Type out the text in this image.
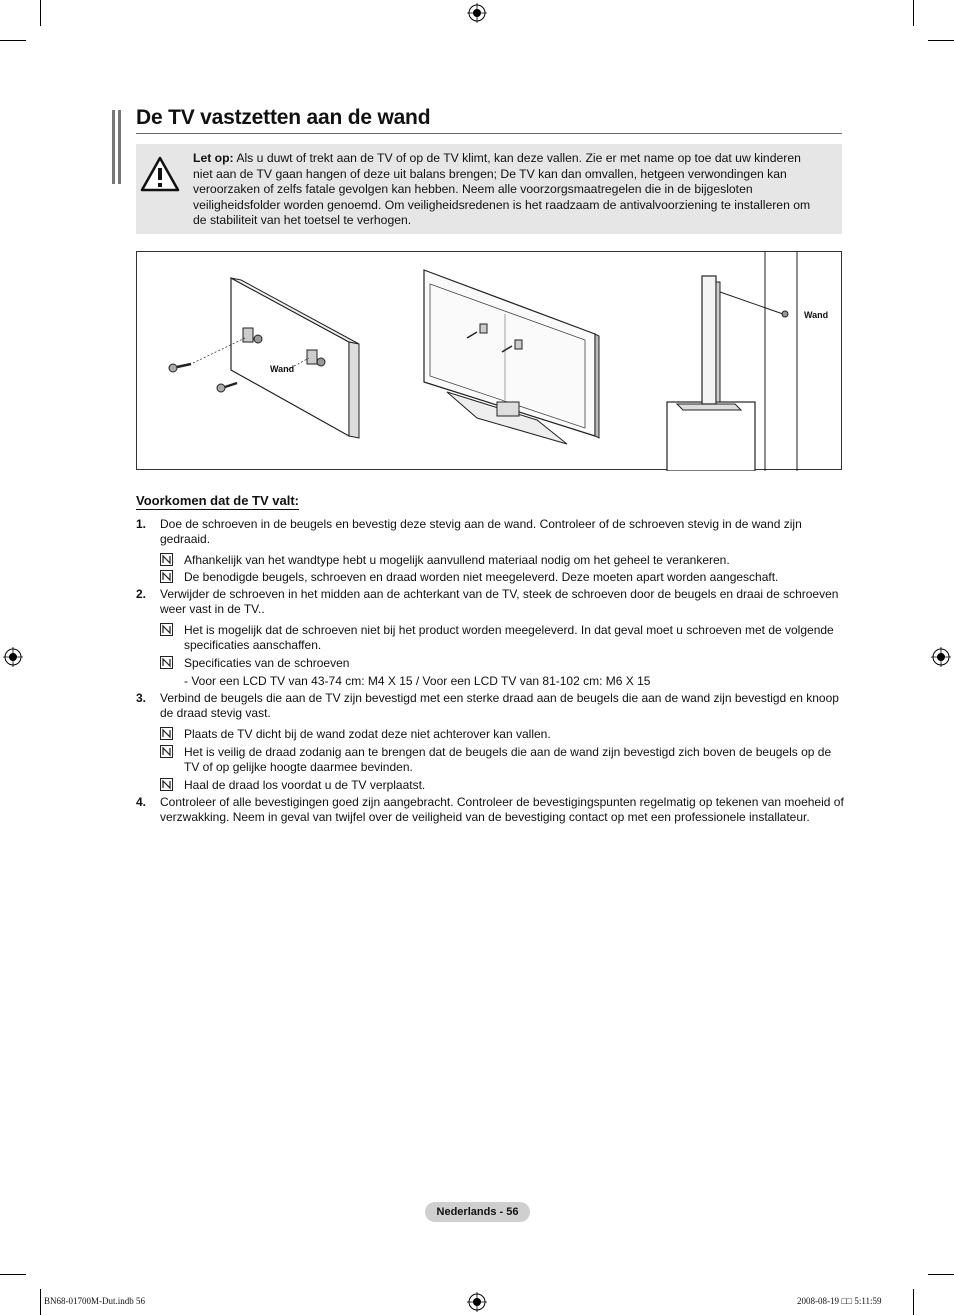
De TV vastzetten aan de wand

Let op: Als u duwt of trekt aan de TV of op de TV klimt, kan deze vallen. Zie er met name op toe dat uw kinderen niet aan de TV gaan hangen of deze uit balans brengen; De TV kan dan omvallen, hetgeen verwondingen kan veroorzaken of zelfs fatale gevolgen kan hebben. Neem alle voorzorgsmaatregelen die in de bijgesloten veiligheidsfolder worden genoemd. Om veiligheidsredenen is het raadzaam de antivalvoorziening te installeren om de stabiliteit van het toetsel te verhogen.

Wand
Wand
Voorkomen dat de TV valt:
1. Doe de schroeven in de beugels en bevestig deze stevig aan de wand. Controleer of de schroeven stevig in de wand zijn gedraaid.

Afhankelijk van het wandtype hebt u mogelijk aanvullend materiaal nodig om het geheel te verankeren.

De benodigde beugels, schroeven en draad worden niet meegeleverd. Deze moeten apart worden aangeschaft.

2. Verwijder de schroeven in het midden aan de achterkant van de TV, steek de schroeven door de beugels en draai de schroeven weer vast in de TV..

Het is mogelijk dat de schroeven niet bij het product worden meegeleverd. In dat geval moet u schroeven met de volgende specificaties aanschaffen.

Specificaties van de schroeven

- Voor een LCD TV van 43-74 cm: M4 X 15 / Voor een LCD TV van 81-102 cm: M6 X 15

3. Verbind de beugels die aan de TV zijn bevestigd met een sterke draad aan de beugels die aan de wand zijn bevestigd en knoop de draad stevig vast.

Plaats de TV dicht bij de wand zodat deze niet achterover kan vallen.

Het is veilig de draad zodanig aan te brengen dat de beugels die aan de wand zijn bevestigd zich boven de beugels op de TV of op gelijke hoogte daarmee bevinden.

Haal de draad los voordat u de TV verplaatst.

4. Controleer of alle bevestigingen goed zijn aangebracht. Controleer de bevestigingspunten regelmatig op tekenen van moeheid of verzwakking. Neem in geval van twijfel over de veiligheid van de bevestiging contact op met een professionele installateur.

Nederlands - 56
BN68-01700M-Dut.indb 56	2008-08-19 □□ 5:11:59
